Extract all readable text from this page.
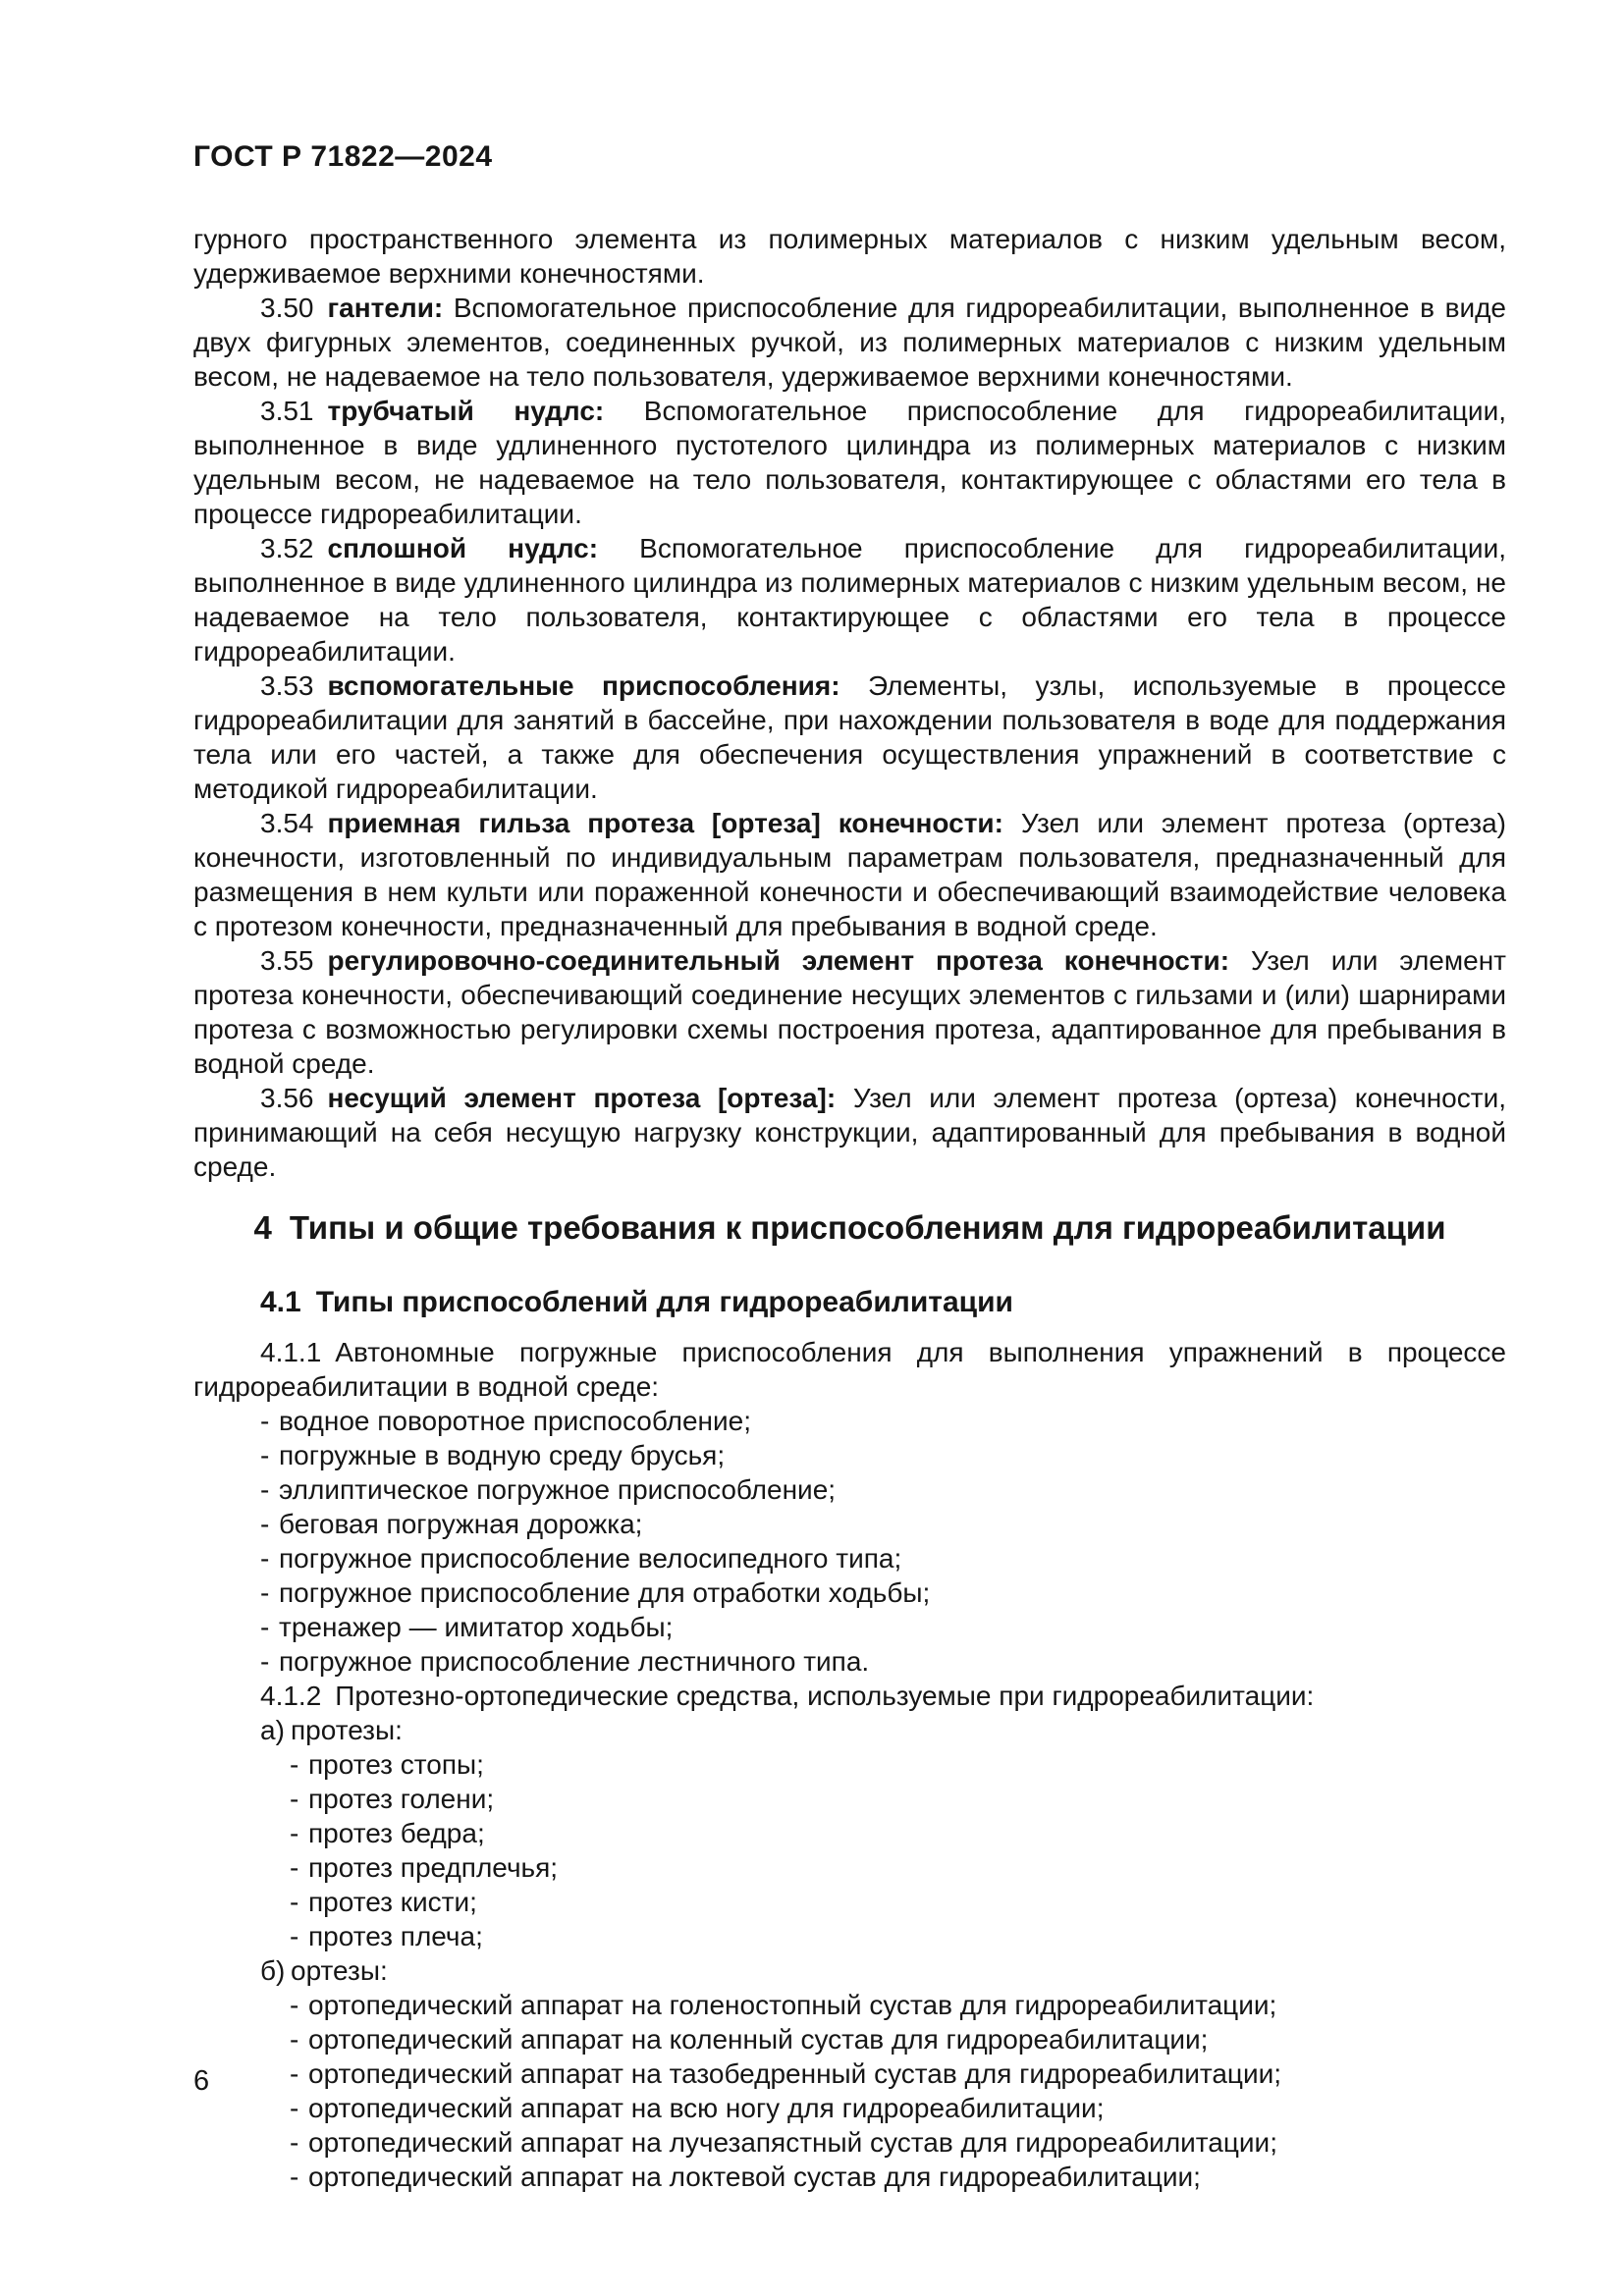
ГОСТ Р 71822—2024

гурного пространственного элемента из полимерных материалов с низким удельным весом, удерживаемое верхними конечностями.

3.50 гантели: Вспомогательное приспособление для гидрореабилитации, выполненное в виде двух фигурных элементов, соединенных ручкой, из полимерных материалов с низким удельным весом, не надеваемое на тело пользователя, удерживаемое верхними конечностями.

3.51 трубчатый нудлс: Вспомогательное приспособление для гидрореабилитации, выполненное в виде удлиненного пустотелого цилиндра из полимерных материалов с низким удельным весом, не надеваемое на тело пользователя, контактирующее с областями его тела в процессе гидрореабилитации.

3.52 сплошной нудлс: Вспомогательное приспособление для гидрореабилитации, выполненное в виде удлиненного цилиндра из полимерных материалов с низким удельным весом, не надеваемое на тело пользователя, контактирующее с областями его тела в процессе гидрореабилитации.

3.53 вспомогательные приспособления: Элементы, узлы, используемые в процессе гидрореабилитации для занятий в бассейне, при нахождении пользователя в воде для поддержания тела или его частей, а также для обеспечения осуществления упражнений в соответствие с методикой гидрореабилитации.

3.54 приемная гильза протеза [ортеза] конечности: Узел или элемент протеза (ортеза) конечности, изготовленный по индивидуальным параметрам пользователя, предназначенный для размещения в нем культи или пораженной конечности и обеспечивающий взаимодействие человека с протезом конечности, предназначенный для пребывания в водной среде.

3.55 регулировочно-соединительный элемент протеза конечности: Узел или элемент протеза конечности, обеспечивающий соединение несущих элементов с гильзами и (или) шарнирами протеза с возможностью регулировки схемы построения протеза, адаптированное для пребывания в водной среде.

3.56 несущий элемент протеза [ортеза]: Узел или элемент протеза (ортеза) конечности, принимающий на себя несущую нагрузку конструкции, адаптированный для пребывания в водной среде.

4 Типы и общие требования к приспособлениям для гидрореабилитации
4.1 Типы приспособлений для гидрореабилитации

4.1.1 Автономные погружные приспособления для выполнения упражнений в процессе гидрореабилитации в водной среде:

- водное поворотное приспособление;
- погружные в водную среду брусья;
- эллиптическое погружное приспособление;
- беговая погружная дорожка;
- погружное приспособление велосипедного типа;
- погружное приспособление для отработки ходьбы;
- тренажер — имитатор ходьбы;
- погружное приспособление лестничного типа.

4.1.2 Протезно-ортопедические средства, используемые при гидрореабилитации:

а) протезы:
- протез стопы;
- протез голени;
- протез бедра;
- протез предплечья;
- протез кисти;
- протез плеча;
б) ортезы:
- ортопедический аппарат на голеностопный сустав для гидрореабилитации;
- ортопедический аппарат на коленный сустав для гидрореабилитации;
- ортопедический аппарат на тазобедренный сустав для гидрореабилитации;
- ортопедический аппарат на всю ногу для гидрореабилитации;
- ортопедический аппарат на лучезапястный сустав для гидрореабилитации;
- ортопедический аппарат на локтевой сустав для гидрореабилитации;
6
